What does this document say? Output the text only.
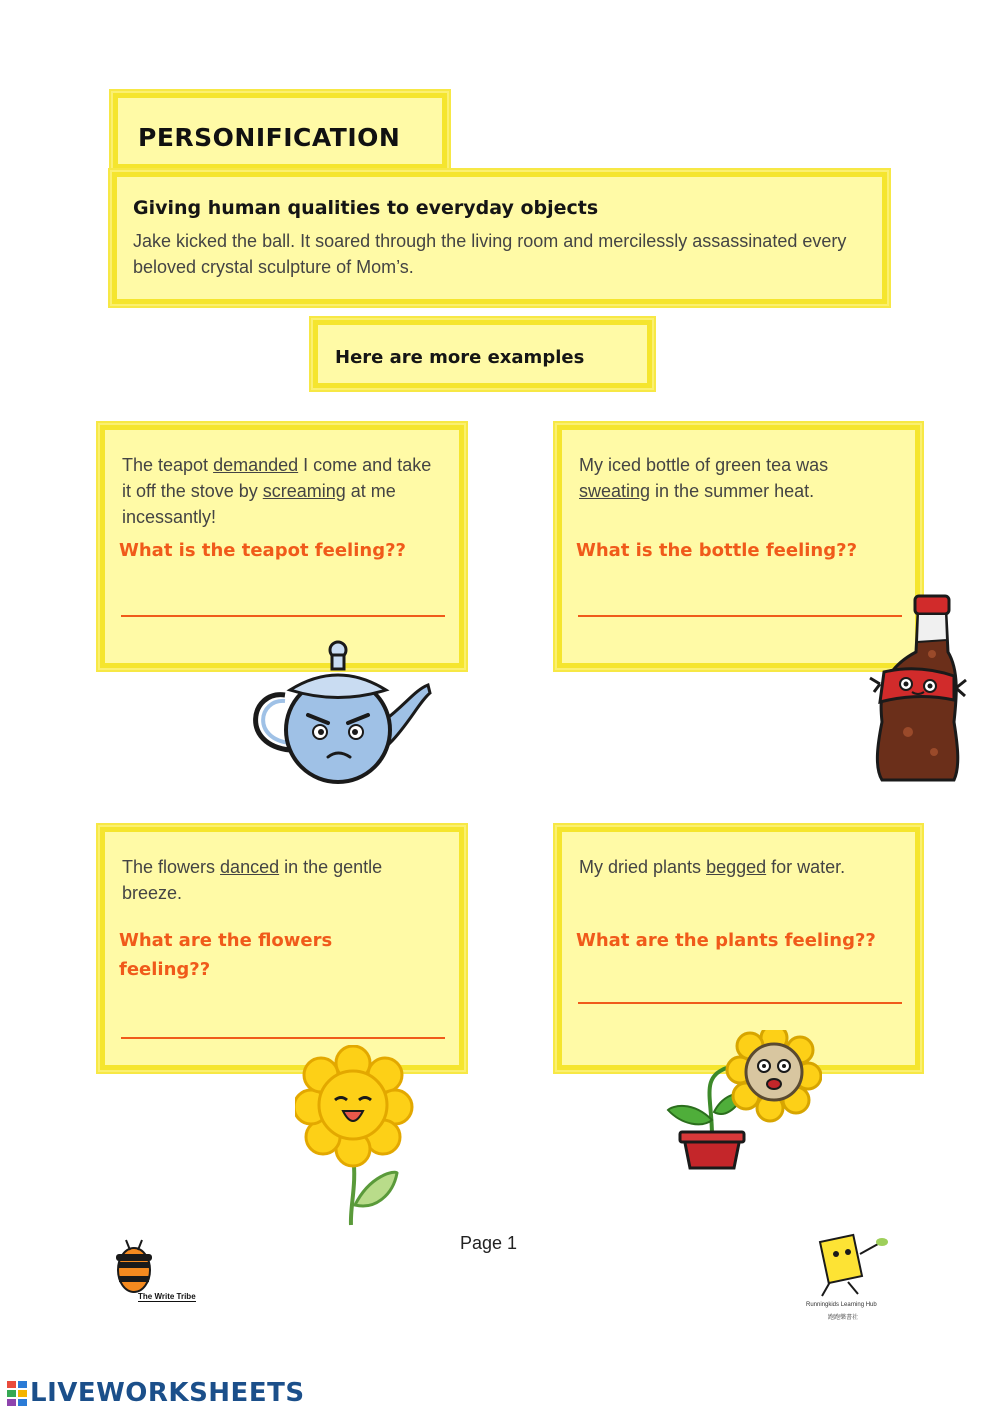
PERSONIFICATION
Giving human qualities to everyday objects
Jake kicked the ball. It soared through the living room and mercilessly assassinated every beloved crystal sculpture of Mom’s.
Here are more examples
The teapot demanded I come and take it off the stove by screaming at me incessantly!
What is the teapot feeling??
My iced bottle of green tea was sweating in the summer heat.
What is the bottle feeling??
The flowers danced in the gentle breeze.
What are the flowers feeling??
My dried plants begged for water.
What are the plants feeling??
Page 1
The Write Tribe
Runningkids Learning Hub
跑跑樂書社
LIVE WORKSHEETS
